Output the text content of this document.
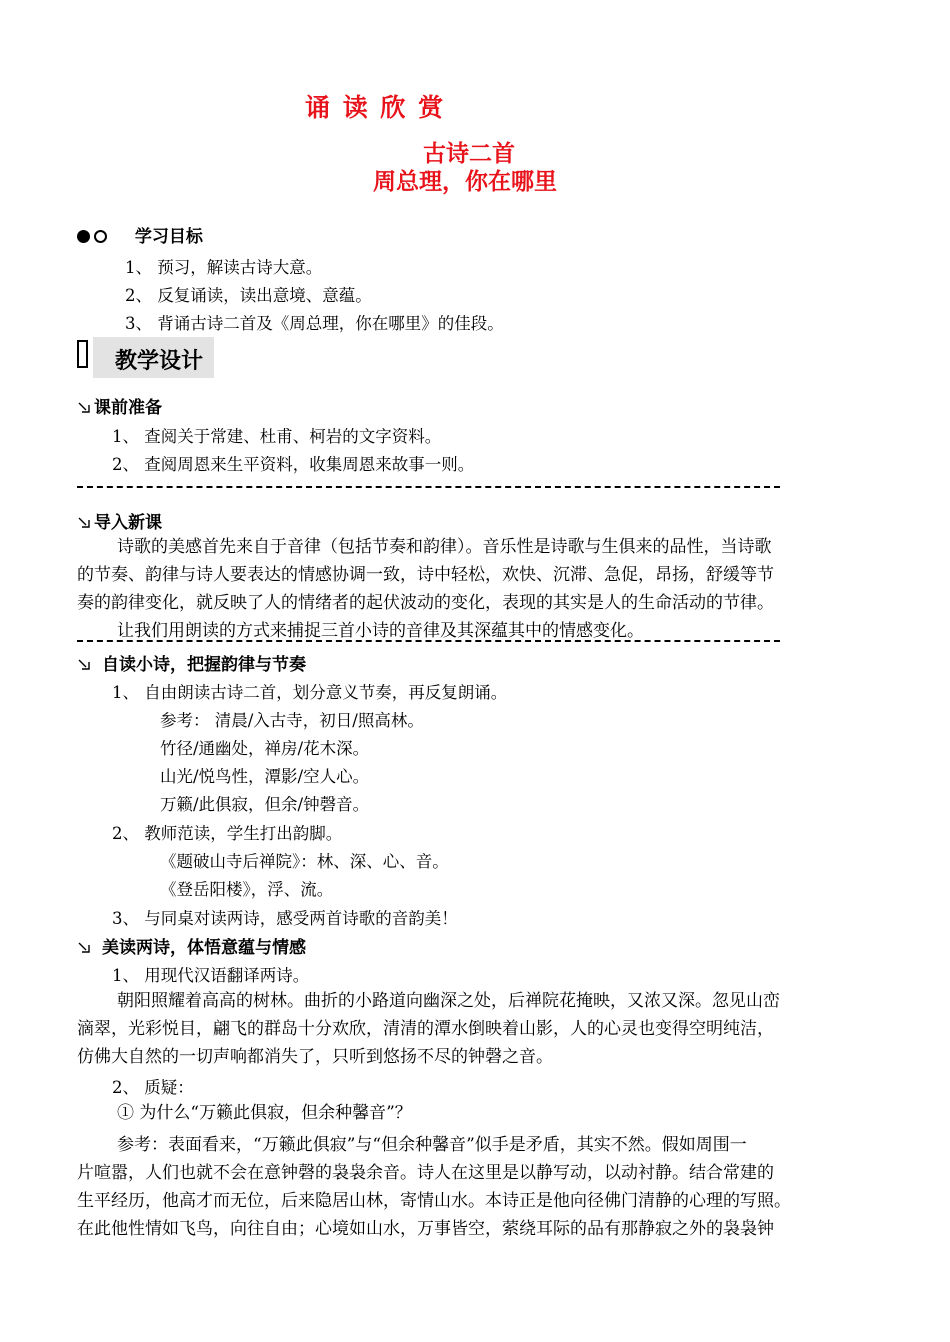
诵 读 欣 赏
古诗二首
周总理，你在哪里
学习目标
1、 预习，解读古诗大意。
2、 反复诵读，读出意境、意蕴。
3、 背诵古诗二首及《周总理，你在哪里》的佳段。
教学设计
课前准备
1、 查阅关于常建、杜甫、柯岩的文字资料。
2、 查阅周恩来生平资料，收集周恩来故事一则。
导入新课
诗歌的美感首先来自于音律（包括节奏和韵律）。音乐性是诗歌与生俱来的品性，当诗歌
的节奏、韵律与诗人要表达的情感协调一致，诗中轻松，欢快、沉滞、急促，昂扬，舒缓等节
奏的韵律变化，就反映了人的情绪者的起伏波动的变化，表现的其实是人的生命活动的节律。
让我们用朗读的方式来捕捉三首小诗的音律及其深蕴其中的情感变化。
自读小诗，把握韵律与节奏
1、 自由朗读古诗二首，划分意义节奏，再反复朗诵。
参考： 清晨/入古寺，初日/照高林。
竹径/通幽处，禅房/花木深。
山光/悦鸟性，潭影/空人心。
万籁/此俱寂，但余/钟磬音。
2、 教师范读，学生打出韵脚。
《题破山寺后禅院》：林、深、心、音。
《登岳阳楼》，浮、流。
3、 与同桌对读两诗，感受两首诗歌的音韵美！
美读两诗，体悟意蕴与情感
1、 用现代汉语翻译两诗。
朝阳照耀着高高的树林。曲折的小路道向幽深之处，后禅院花掩映，又浓又深。忽见山峦
滴翠，光彩悦目，翩飞的群岛十分欢欣，清清的潭水倒映着山影，人的心灵也变得空明纯洁，
仿佛大自然的一切声响都消失了，只听到悠扬不尽的钟磬之音。
2、 质疑：
① 为什么“万籁此俱寂，但余种馨音”？
参考：表面看来，“万籁此俱寂”与“但余种馨音”似手是矛盾，其实不然。假如周围一
片喧嚣，人们也就不会在意钟磬的袅袅余音。诗人在这里是以静写动，以动衬静。结合常建的
生平经历，他高才而无位，后来隐居山林，寄情山水。本诗正是他向径佛门清静的心理的写照。
在此他性情如飞鸟，向往自由；心境如山水，万事皆空，萦绕耳际的品有那静寂之外的袅袅钟
